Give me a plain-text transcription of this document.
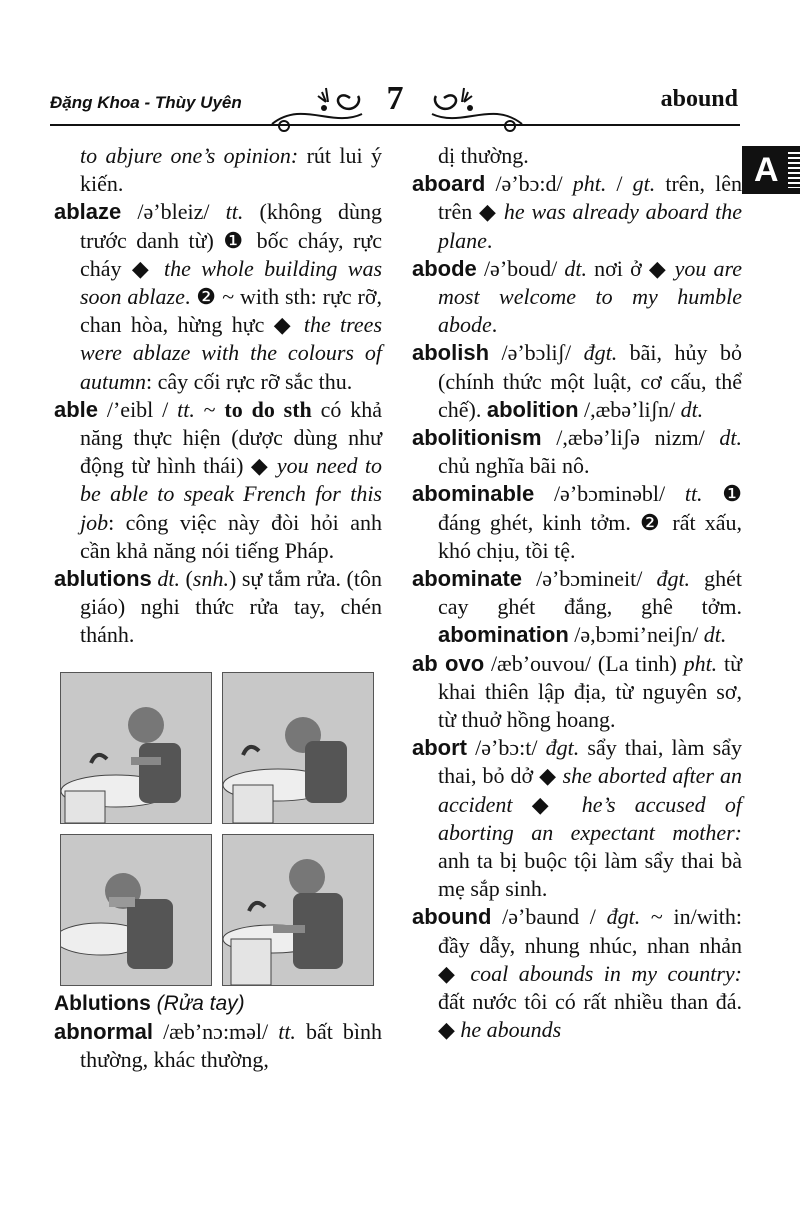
Đặng Khoa - Thùy Uyên	7	abound
A

to abjure one’s opinion: rút lui ý kiến.

ablaze /ə’bleiz/ tt. (không dùng trước danh từ) ❶ bốc cháy, rực cháy ◆ the whole building was soon ablaze. ❷ ~ with sth: rực rỡ, chan hòa, hừng hực ◆ the trees were ablaze with the colours of autumn: cây cối rực rỡ sắc thu.

able /’eibl / tt. ~ to do sth có khả năng thực hiện (dược dùng như động từ hình thái) ◆ you need to be able to speak French for this job: công việc này đòi hỏi anh cần khả năng nói tiếng Pháp.

ablutions dt. (snh.) sự tắm rửa. (tôn giáo) nghi thức rửa tay, chén thánh.

Ablutions (Rửa tay)

abnormal /æb’nɔ:məl/ tt. bất bình thường, khác thường,

dị thường.

aboard /ə’bɔ:d/ pht. / gt. trên, lên trên ◆ he was already aboard the plane.

abode /ə’boud/ dt. nơi ở ◆ you are most welcome to my humble abode.

abolish /ə’bɔliʃ/ đgt. bãi, hủy bỏ (chính thức một luật, cơ cấu, thể chế). abolition /,æbə’liʃn/ dt.

abolitionism /,æbə’liʃə nizm/ dt. chủ nghĩa bãi nô.

abominable /ə’bɔminəbl/ tt. ❶ đáng ghét, kinh tởm. ❷ rất xấu, khó chịu, tồi tệ.

abominate /ə’bɔmineit/ đgt. ghét cay ghét đắng, ghê tởm. abomination /ə,bɔmi’neiʃn/ dt.

ab ovo /æb’ouvou/ (La tinh) pht. từ khai thiên lập địa, từ nguyên sơ, từ thuở hồng hoang.

abort /ə’bɔ:t/ đgt. sẩy thai, làm sẩy thai, bỏ dở ◆ she aborted after an accident ◆ he’s accused of aborting an expectant mother: anh ta bị buộc tội làm sẩy thai bà mẹ sắp sinh.

abound /ə’baund / đgt. ~ in/with: đầy dẫy, nhung nhúc, nhan nhản ◆ coal abounds in my country: đất nước tôi có rất nhiều than đá. ◆ he abounds
